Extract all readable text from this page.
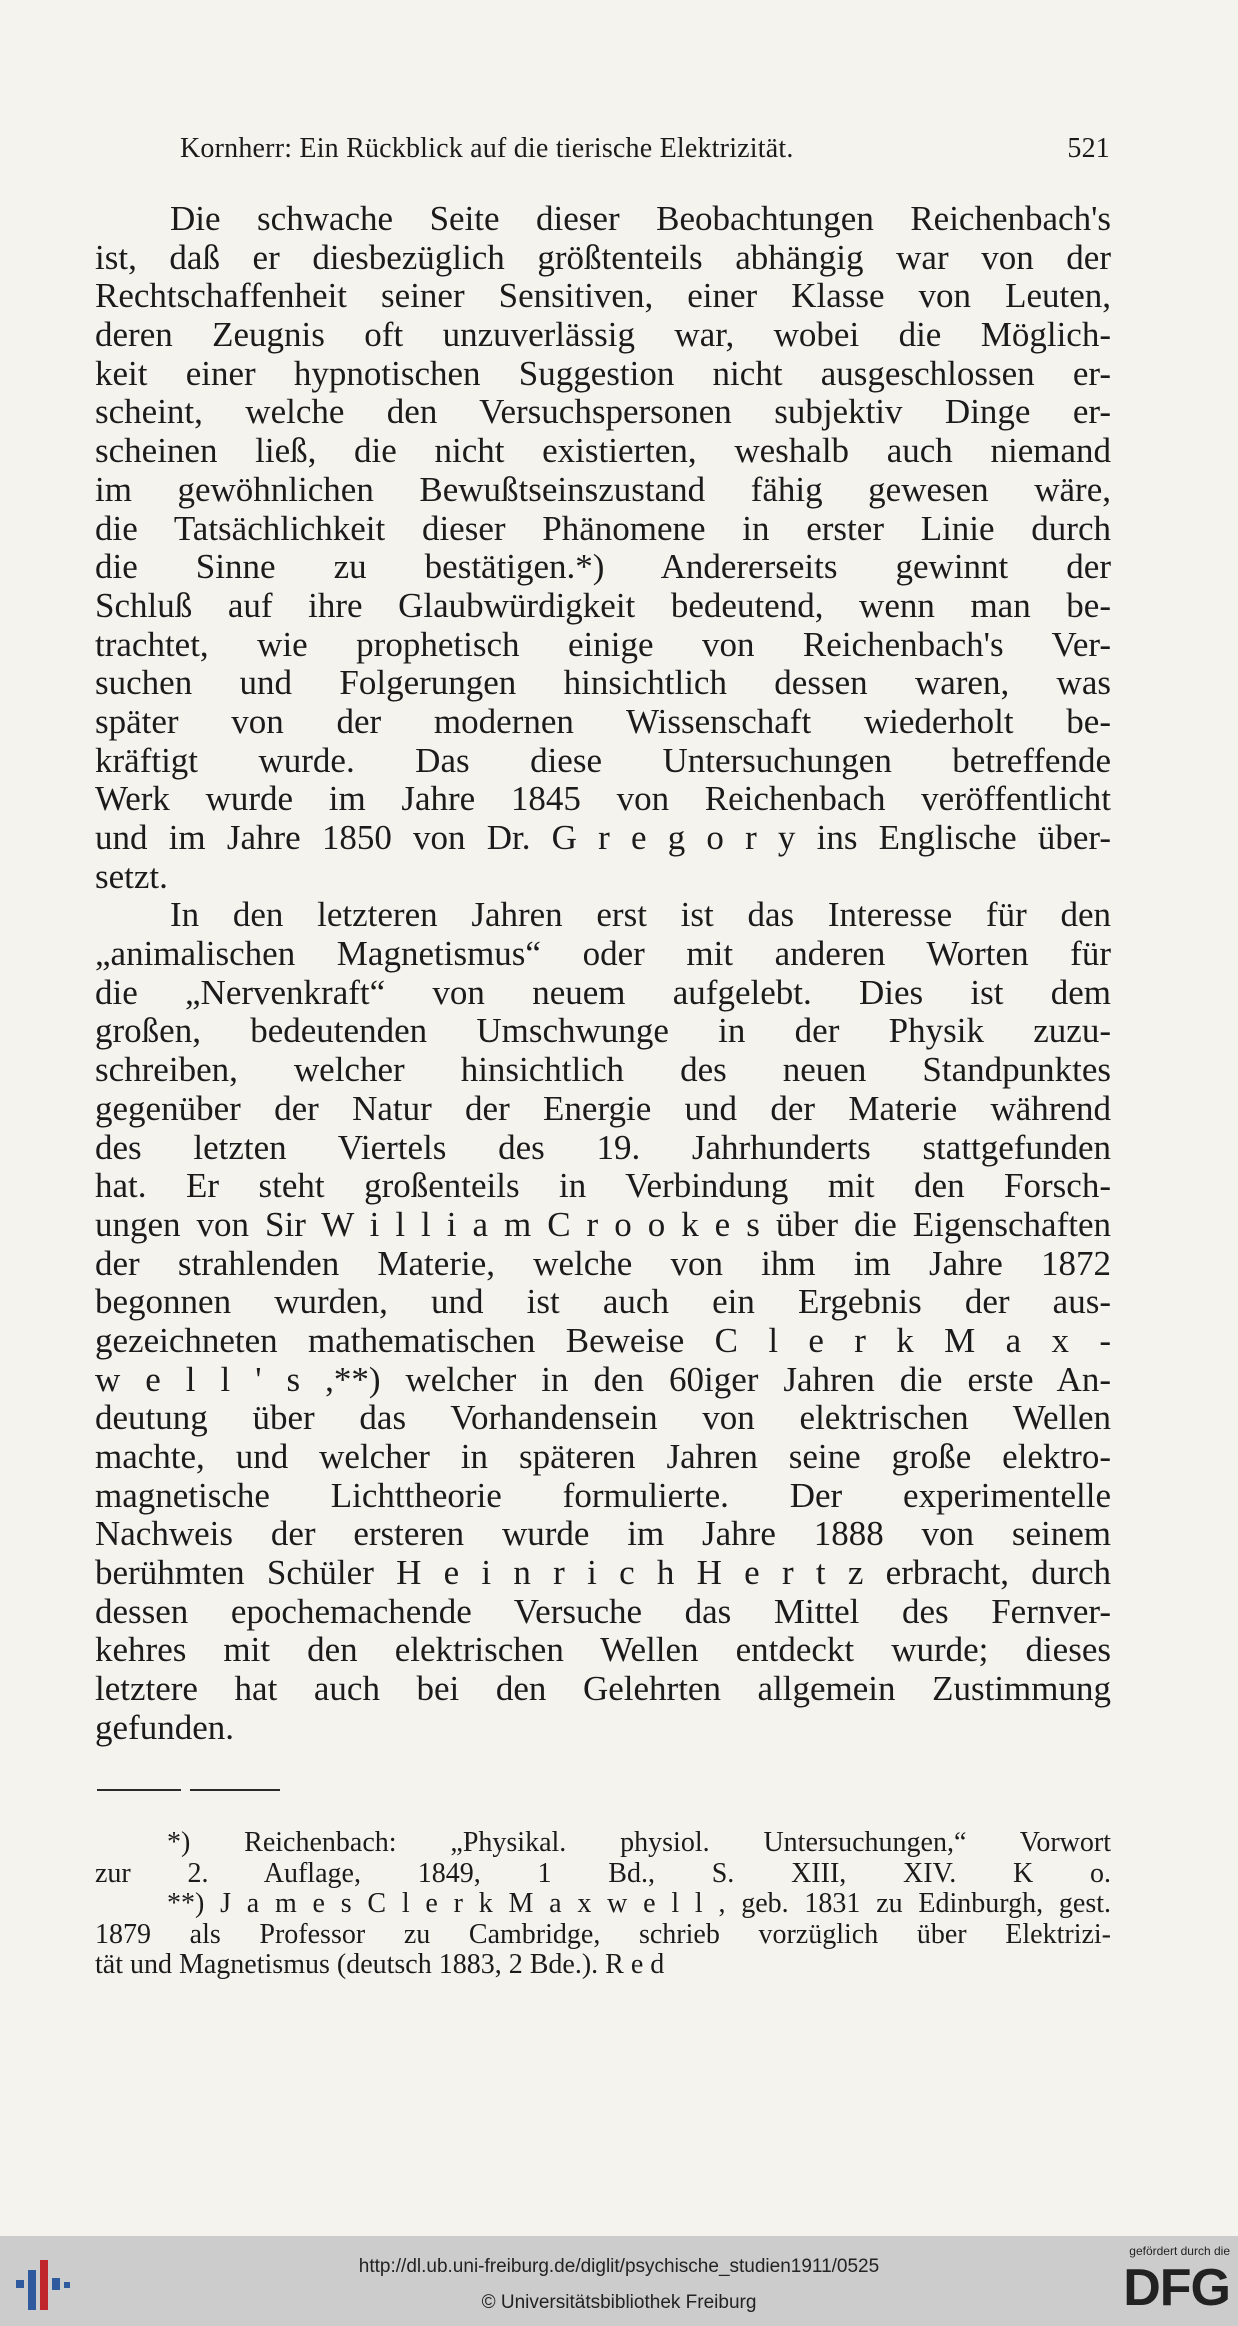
Kornherr: Ein Rückblick auf die tierische Elektrizität.	521
Die schwache Seite dieser Beobachtungen Reichenbach's
ist, daß er diesbezüglich größtenteils abhängig war von der
Rechtschaffenheit seiner Sensitiven, einer Klasse von Leuten,
deren Zeugnis oft unzuverlässig war, wobei die Möglich-
keit einer hypnotischen Suggestion nicht ausgeschlossen er-
scheint, welche den Versuchspersonen subjektiv Dinge er-
scheinen ließ, die nicht existierten, weshalb auch niemand
im gewöhnlichen Bewußtseinszustand fähig gewesen wäre,
die Tatsächlichkeit dieser Phänomene in erster Linie durch
die Sinne zu bestätigen.*) Andererseits gewinnt der
Schluß auf ihre Glaubwürdigkeit bedeutend, wenn man be-
trachtet, wie prophetisch einige von Reichenbach's Ver-
suchen und Folgerungen hinsichtlich dessen waren, was
später von der modernen Wissenschaft wiederholt be-
kräftigt wurde. Das diese Untersuchungen betreffende
Werk wurde im Jahre 1845 von Reichenbach veröffentlicht
und im Jahre 1850 von Dr. G r e g o r y ins Englische über-
setzt.
In den letzteren Jahren erst ist das Interesse für den
„animalischen Magnetismus“ oder mit anderen Worten für
die „Nervenkraft“ von neuem aufgelebt. Dies ist dem
großen, bedeutenden Umschwunge in der Physik zuzu-
schreiben, welcher hinsichtlich des neuen Standpunktes
gegenüber der Natur der Energie und der Materie während
des letzten Viertels des 19. Jahrhunderts stattgefunden
hat. Er steht großenteils in Verbindung mit den Forsch-
ungen von Sir W i l l i a m C r o o k e s über die Eigenschaften
der strahlenden Materie, welche von ihm im Jahre 1872
begonnen wurden, und ist auch ein Ergebnis der aus-
gezeichneten mathematischen Beweise C l e r k M a x -
w e l l ' s ,**) welcher in den 60iger Jahren die erste An-
deutung über das Vorhandensein von elektrischen Wellen
machte, und welcher in späteren Jahren seine große elektro-
magnetische Lichttheorie formulierte. Der experimentelle
Nachweis der ersteren wurde im Jahre 1888 von seinem
berühmten Schüler H e i n r i c h H e r t z erbracht, durch
dessen epochemachende Versuche das Mittel des Fernver-
kehres mit den elektrischen Wellen entdeckt wurde; dieses
letztere hat auch bei den Gelehrten allgemein Zustimmung
gefunden.
*) Reichenbach: „Physikal. physiol. Untersuchungen,“ Vorwort
zur 2. Auflage, 1849, 1 Bd., S. XIII, XIV. K o.
**) J a m e s C l e r k M a x w e l l , geb. 1831 zu Edinburgh, gest.
1879 als Professor zu Cambridge, schrieb vorzüglich über Elektrizi-
tät und Magnetismus (deutsch 1883, 2 Bde.). R e d
http://dl.ub.uni-freiburg.de/diglit/psychische_studien1911/0525
© Universitätsbibliothek Freiburg
gefördert durch die
DFG
